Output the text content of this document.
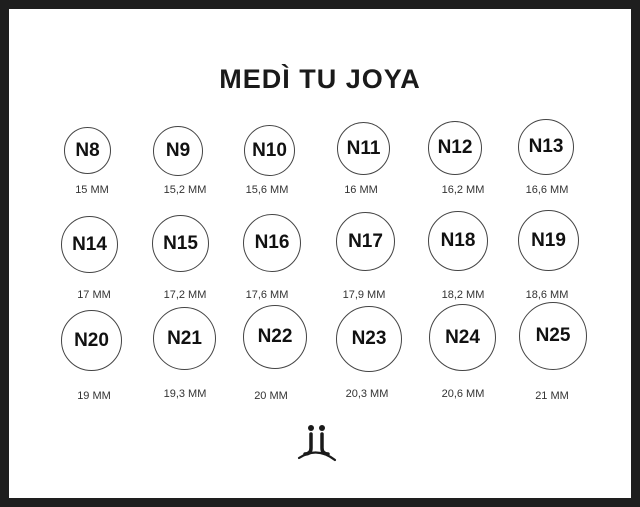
MEDÌ TU JOYA
N8	N9	N10	N11	N12	N13
15 MM	15,2 MM	15,6 MM	16 MM	16,2 MM	16,6 MM
N14	N15	N16	N17	N18	N19
17 MM	17,2 MM	17,6 MM	17,9 MM	18,2 MM	18,6 MM
N20	N21	N22	N23	N24	N25
19 MM	19,3 MM	20 MM	20,3 MM	20,6 MM	21 MM
